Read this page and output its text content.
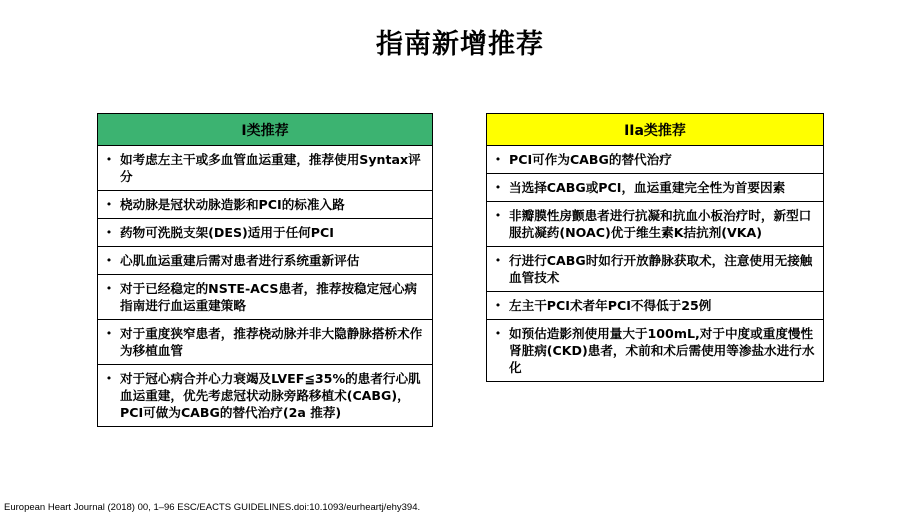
指南新增推荐
I类推荐

• 如考虑左主干或多血管血运重建，推荐使用Syntax评分

• 桡动脉是冠状动脉造影和PCI的标准入路

• 药物可洗脱支架(DES)适用于任何PCI

• 心肌血运重建后需对患者进行系统重新评估

• 对于已经稳定的NSTE-ACS患者，推荐按稳定冠心病指南进行血运重建策略

• 对于重度狭窄患者，推荐桡动脉并非大隐静脉搭桥术作为移植血管

• 对于冠心病合并心力衰竭及LVEF≦35%的患者行心肌血运重建，优先考虑冠状动脉旁路移植术(CABG)，PCI可做为CABG的替代治疗(2a 推荐)
IIa类推荐

• PCI可作为CABG的替代治疗

• 当选择CABG或PCI，血运重建完全性为首要因素

• 非瓣膜性房颤患者进行抗凝和抗血小板治疗时，新型口服抗凝药(NOAC)优于维生素K拮抗剂(VKA)

• 行进行CABG时如行开放静脉获取术，注意使用无接触血管技术

• 左主干PCI术者年PCI不得低于25例

• 如预估造影剂使用量大于100mL,对于中度或重度慢性肾脏病(CKD)患者，术前和术后需使用等渗盐水进行水化
European Heart Journal (2018) 00, 1–96 ESC/EACTS GUIDELINES.doi:10.1093/eurheartj/ehy394.
